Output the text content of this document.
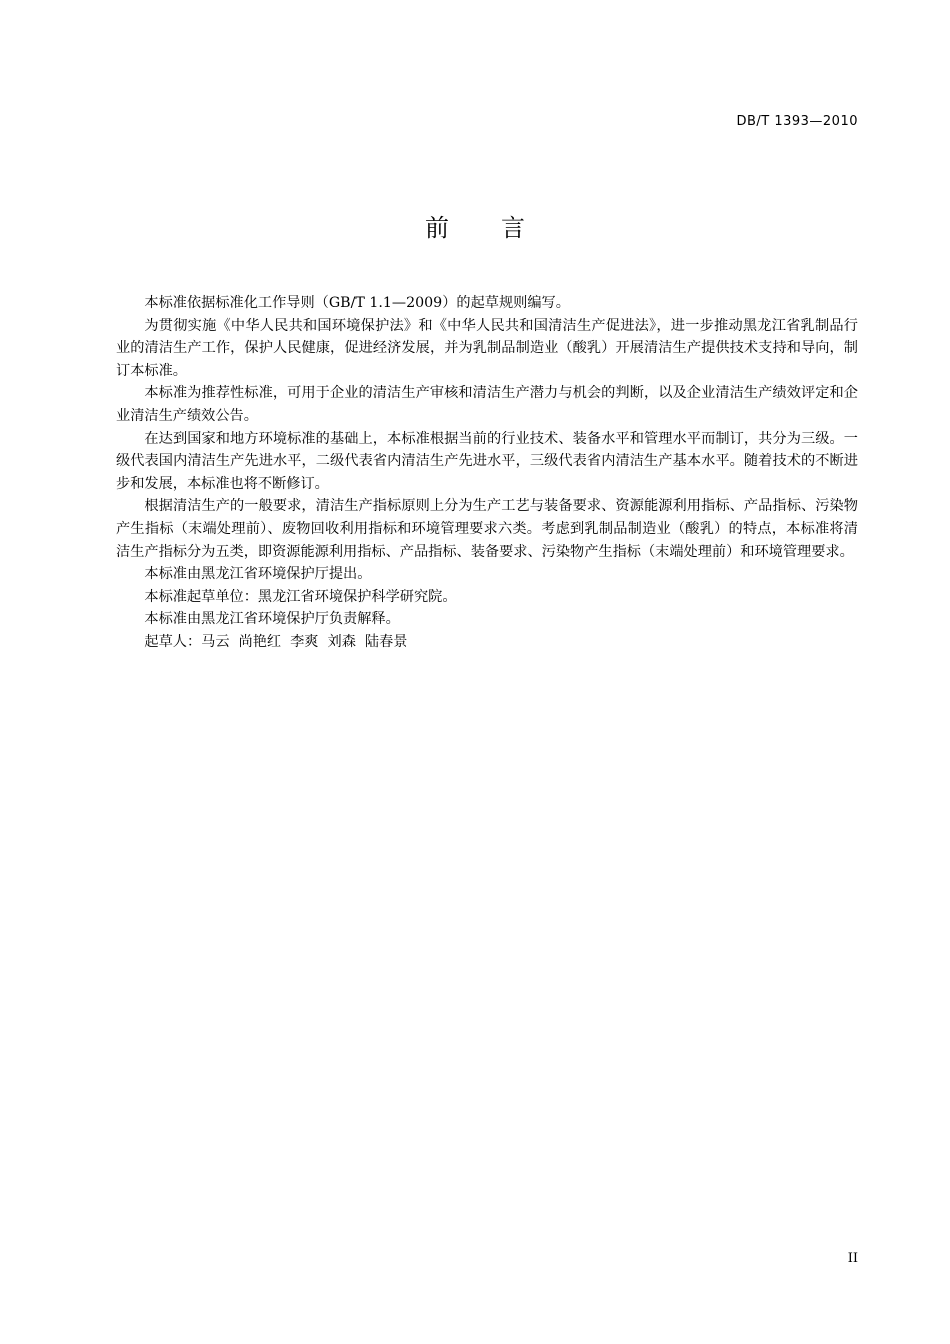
DB/T 1393—2010
前言

本标准依据标准化工作导则（GB/T 1.1—2009）的起草规则编写。

为贯彻实施《中华人民共和国环境保护法》和《中华人民共和国清洁生产促进法》，进一步推动黑龙江省乳制品行业的清洁生产工作，保护人民健康，促进经济发展，并为乳制品制造业（酸乳）开展清洁生产提供技术支持和导向，制订本标准。

本标准为推荐性标准，可用于企业的清洁生产审核和清洁生产潜力与机会的判断，以及企业清洁生产绩效评定和企业清洁生产绩效公告。

在达到国家和地方环境标准的基础上，本标准根据当前的行业技术、装备水平和管理水平而制订，共分为三级。一级代表国内清洁生产先进水平，二级代表省内清洁生产先进水平，三级代表省内清洁生产基本水平。随着技术的不断进步和发展，本标准也将不断修订。

根据清洁生产的一般要求，清洁生产指标原则上分为生产工艺与装备要求、资源能源利用指标、产品指标、污染物产生指标（末端处理前）、废物回收利用指标和环境管理要求六类。考虑到乳制品制造业（酸乳）的特点，本标准将清洁生产指标分为五类，即资源能源利用指标、产品指标、装备要求、污染物产生指标（末端处理前）和环境管理要求。

本标准由黑龙江省环境保护厅提出。

本标准起草单位：黑龙江省环境保护科学研究院。

本标准由黑龙江省环境保护厅负责解释。

起草人：马云  尚艳红  李爽  刘森  陆春景

II
